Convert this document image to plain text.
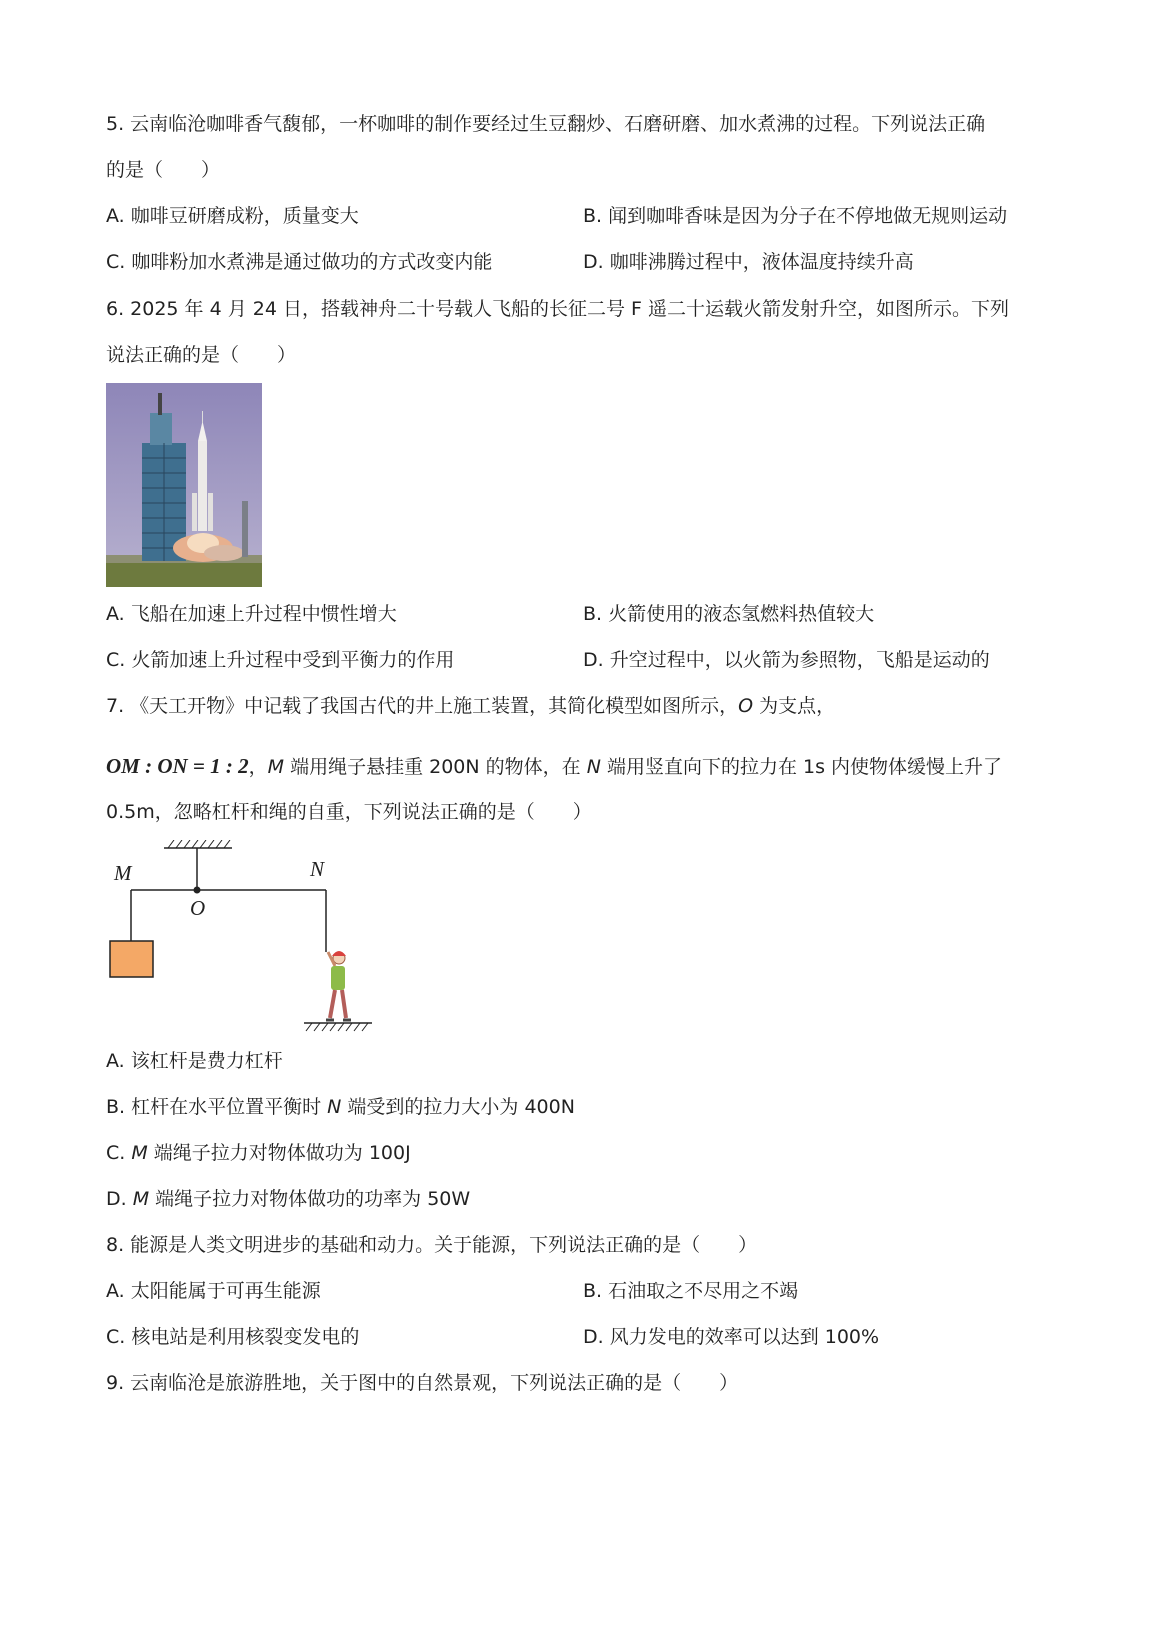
5. 云南临沧咖啡香气馥郁，一杯咖啡的制作要经过生豆翻炒、石磨研磨、加水煮沸的过程。下列说法正确
的是（　　）
A. 咖啡豆研磨成粉，质量变大	B. 闻到咖啡香味是因为分子在不停地做无规则运动
C. 咖啡粉加水煮沸是通过做功的方式改变内能	D. 咖啡沸腾过程中，液体温度持续升高
6. 2025 年 4 月 24 日，搭载神舟二十号载人飞船的长征二号 F 遥二十运载火箭发射升空，如图所示。下列
说法正确的是（　　）
A. 飞船在加速上升过程中惯性增大	B. 火箭使用的液态氢燃料热值较大
C. 火箭加速上升过程中受到平衡力的作用	D. 升空过程中，以火箭为参照物，飞船是运动的
7. 《天工开物》中记载了我国古代的井上施工装置，其简化模型如图所示，O 为支点，
OM : ON = 1 : 2，M 端用绳子悬挂重 200N 的物体，在 N 端用竖直向下的拉力在 1s 内使物体缓慢上升了
0.5m，忽略杠杆和绳的自重，下列说法正确的是（　　）
M
O
N
A. 该杠杆是费力杠杆
B. 杠杆在水平位置平衡时 N 端受到的拉力大小为 400N
C. M 端绳子拉力对物体做功为 100J
D. M 端绳子拉力对物体做功的功率为 50W
8. 能源是人类文明进步的基础和动力。关于能源，下列说法正确的是（　　）
A. 太阳能属于可再生能源	B. 石油取之不尽用之不竭
C. 核电站是利用核裂变发电的	D. 风力发电的效率可以达到 100%
9. 云南临沧是旅游胜地，关于图中的自然景观，下列说法正确的是（　　）
